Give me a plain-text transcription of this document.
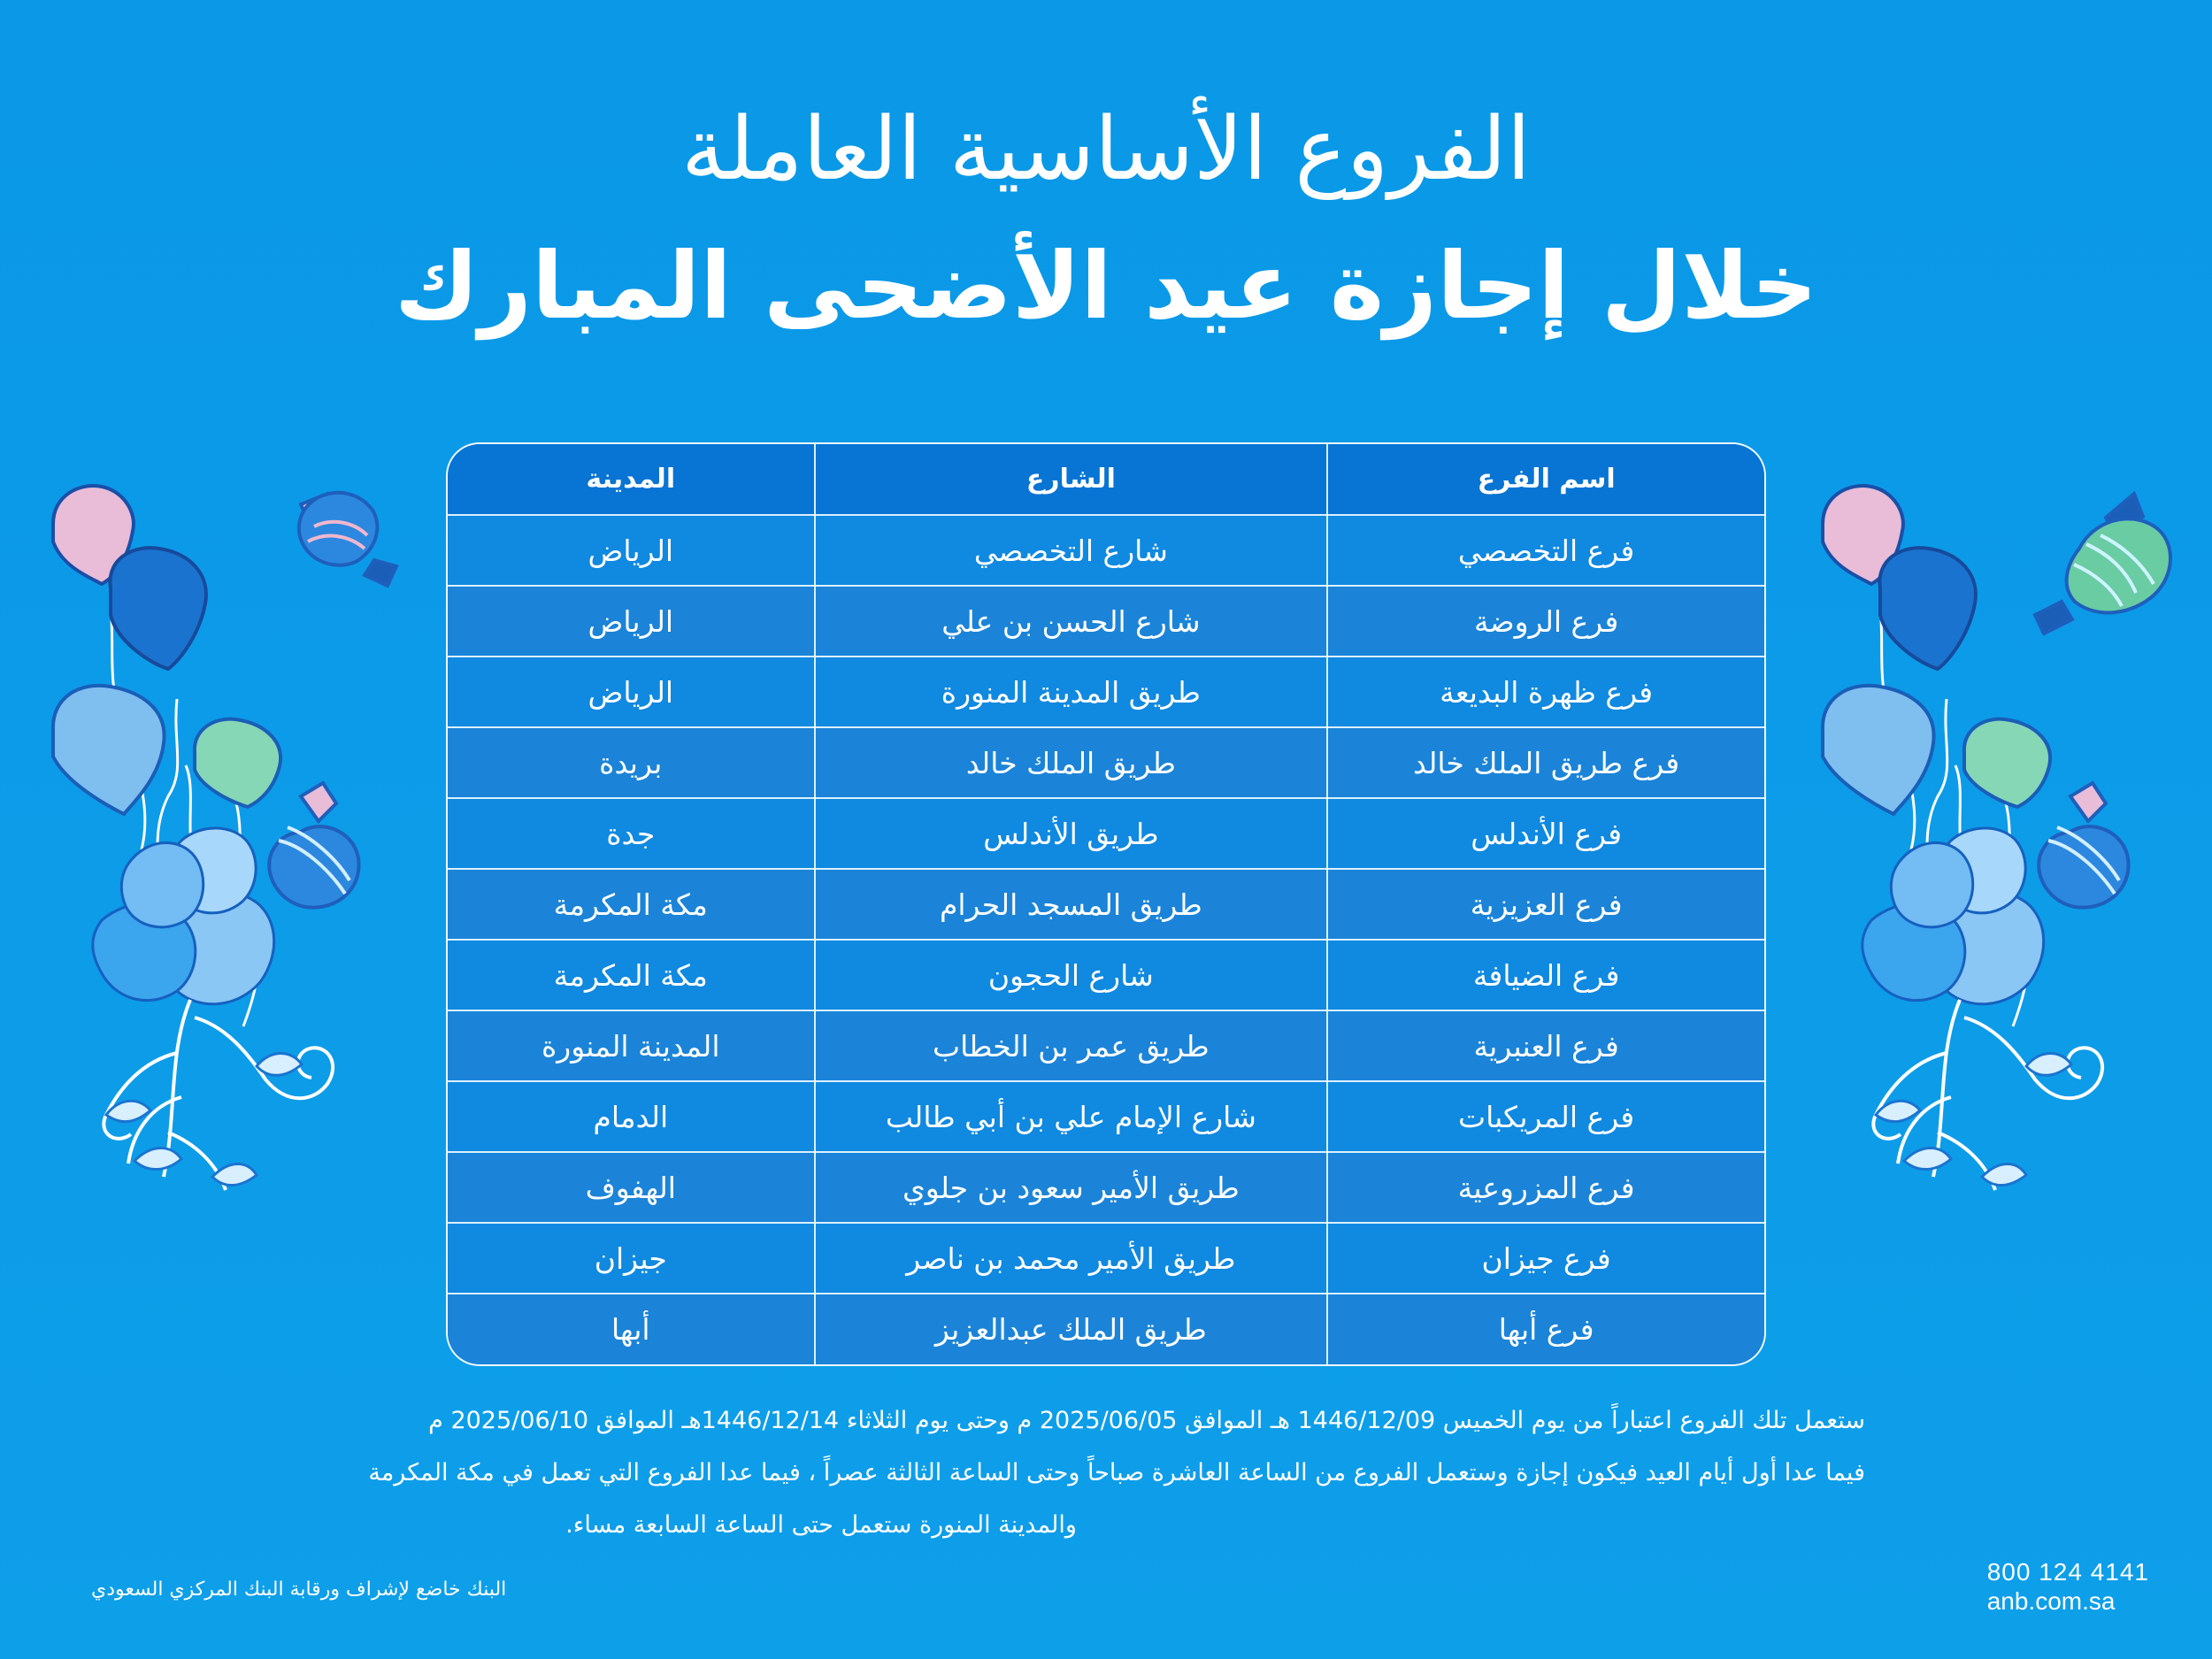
الفروع الأساسية العاملة
خلال إجازة عيد الأضحى المبارك
اسم الفرع	الشارع	المدينة
فرع التخصصي	شارع التخصصي	الرياض
فرع الروضة	شارع الحسن بن علي	الرياض
فرع ظهرة البديعة	طريق المدينة المنورة	الرياض
فرع طريق الملك خالد	طريق الملك خالد	بريدة
فرع الأندلس	طريق الأندلس	جدة
فرع العزيزية	طريق المسجد الحرام	مكة المكرمة
فرع الضيافة	شارع الحجون	مكة المكرمة
فرع العنبرية	طريق عمر بن الخطاب	المدينة المنورة
فرع المريكبات	شارع الإمام علي بن أبي طالب	الدمام
فرع المزروعية	طريق الأمير سعود بن جلوي	الهفوف
فرع جيزان	طريق الأمير محمد بن ناصر	جيزان
فرع أبها	طريق الملك عبدالعزيز	أبها

ستعمل تلك الفروع اعتباراً من يوم الخميس 1446/12/09 هـ الموافق 2025/06/05 م وحتى يوم الثلاثاء 1446/12/14هـ الموافق 2025/06/10 م

فيما عدا أول أيام العيد فيكون إجازة وستعمل الفروع من الساعة العاشرة صباحاً وحتى الساعة الثالثة عصراً ، فيما عدا الفروع التي تعمل في مكة المكرمة

والمدينة المنورة ستعمل حتى الساعة السابعة مساء.

البنك خاضع لإشراف ورقابة البنك المركزي السعودي
800 124 4141
anb.com.sa
